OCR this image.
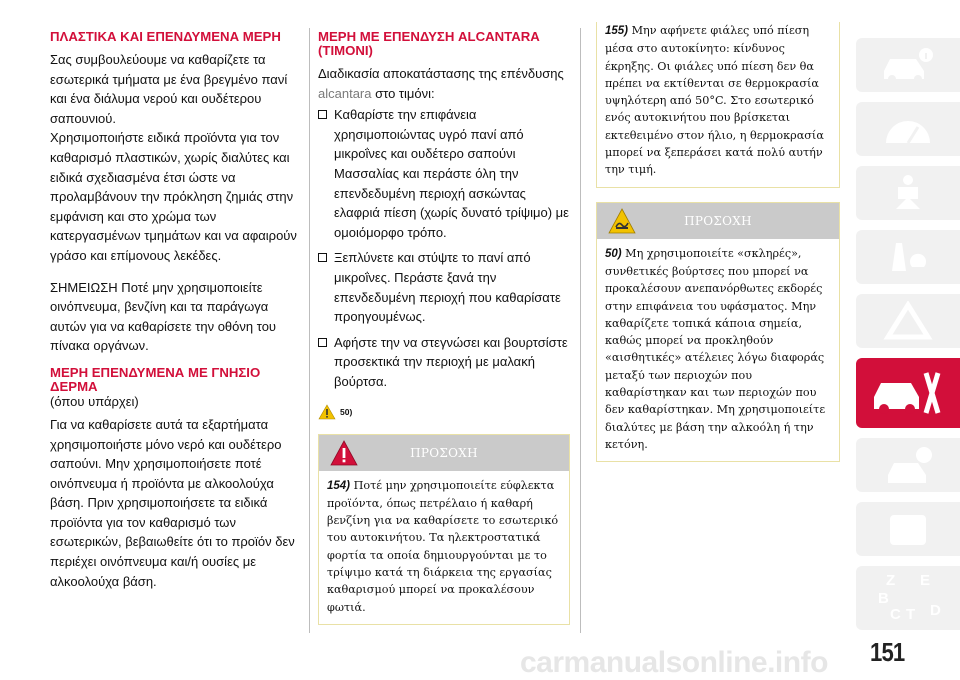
ΠΛΑΣΤΙΚΑ ΚΑΙ ΕΠΕΝΔΥΜΕΝΑ ΜΕΡΗ

Σας συμβουλεύουμε να καθαρίζετε τα εσωτερικά τμήματα με ένα βρεγμένο πανί και ένα διάλυμα νερού και ουδέτερου σαπουνιού.

Χρησιμοποιήστε ειδικά προϊόντα για τον καθαρισμό πλαστικών, χωρίς διαλύτες και ειδικά σχεδιασμένα έτσι ώστε να προλαμβάνουν την πρόκληση ζημιάς στην εμφάνιση και στο χρώμα των κατεργασμένων τμημάτων και να αφαιρούν γράσο και επίμονους λεκέδες.

ΣΗΜΕΙΩΣΗ Ποτέ μην χρησιμοποιείτε οινόπνευμα, βενζίνη και τα παράγωγα αυτών για να καθαρίσετε την οθόνη του πίνακα οργάνων.

ΜΕΡΗ ΕΠΕΝΔΥΜΕΝΑ ΜΕ ΓΝΗΣΙΟ ΔΕΡΜΑ

(όπου υπάρχει)

Για να καθαρίσετε αυτά τα εξαρτήματα χρησιμοποιήστε μόνο νερό και ουδέτερο σαπούνι. Μην χρησιμοποιήσετε ποτέ οινόπνευμα ή προϊόντα με αλκοολούχα βάση. Πριν χρησιμοποιήσετε τα ειδικά προϊόντα για τον καθαρισμό των εσωτερικών, βεβαιωθείτε ότι το προϊόν δεν περιέχει οινόπνευμα και/ή ουσίες με αλκοολούχα βάση.

ΜΕΡΗ ΜΕ ΕΠΕΝΔΥΣΗ ALCANTARA (ΤΙΜΟΝΙ)

Διαδικασία αποκατάστασης της επένδυσης alcantara στο τιμόνι:

Καθαρίστε την επιφάνεια χρησιμοποιώντας υγρό πανί από μικροΐνες και ουδέτερο σαπούνι Μασσαλίας και περάστε όλη την επενδεδυμένη περιοχή ασκώντας ελαφριά πίεση (χωρίς δυνατό τρίψιμο) με ομοιόμορφο τρόπο.

Ξεπλύνετε και στύψτε το πανί από μικροΐνες. Περάστε ξανά την επενδεδυμένη περιοχή που καθαρίσατε προηγουμένως.

Αφήστε την να στεγνώσει και βουρτσίστε προσεκτικά την περιοχή με μαλακή βούρτσα.

50)
ΠΡΟΣΟΧΗ
154) Ποτέ μην χρησιμοποιείτε εύφλεκτα προϊόντα, όπως πετρέλαιο ή καθαρή βενζίνη για να καθαρίσετε το εσωτερικό του αυτοκινήτου. Τα ηλεκτροστατικά φορτία τα οποία δημιουργούνται με το τρίψιμο κατά τη διάρκεια της εργασίας καθαρισμού μπορεί να προκαλέσουν φωτιά.
155) Μην αφήνετε φιάλες υπό πίεση μέσα στο αυτοκίνητο: κίνδυνος έκρηξης. Οι φιάλες υπό πίεση δεν θα πρέπει να εκτίθενται σε θερμοκρασία υψηλότερη από 50°C. Στο εσωτερικό ενός αυτοκινήτου που βρίσκεται εκτεθειμένο στον ήλιο, η θερμοκρασία μπορεί να ξεπεράσει κατά πολύ αυτήν την τιμή.
ΠΡΟΣΟΧΗ
50) Μη χρησιμοποιείτε «σκληρές», συνθετικές βούρτσες που μπορεί να προκαλέσουν ανεπανόρθωτες εκδορές στην επιφάνεια του υφάσματος. Μην καθαρίζετε τοπικά κάποια σημεία, καθώς μπορεί να προκληθούν «αισθητικές» ατέλειες λόγω διαφοράς μεταξύ των περιοχών που καθαρίστηκαν και των περιοχών που δεν καθαρίστηκαν. Μη χρησιμοποιείτε διαλύτες με βάση την αλκοόλη ή την κετόνη.
Z E
B
C T D
carmanualsonline.info 151
